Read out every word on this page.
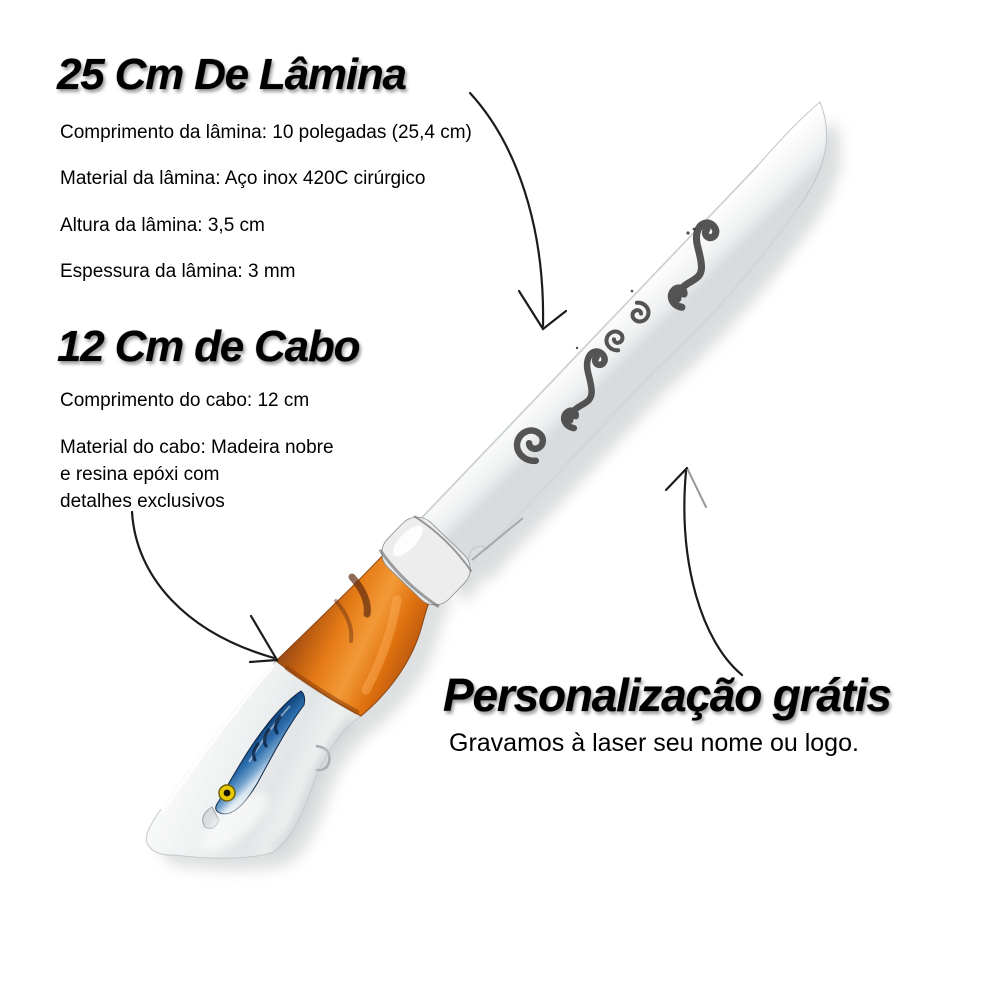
25 Cm De Lâmina
Comprimento da lâmina: 10 polegadas (25,4 cm)
Material da lâmina: Aço inox 420C cirúrgico
Altura da lâmina: 3,5 cm
Espessura da lâmina: 3 mm
12 Cm de Cabo
Comprimento do cabo: 12 cm
Material do cabo: Madeira nobre
e resina epóxi com
detalhes exclusivos
Personalização grátis
Gravamos à laser seu nome ou logo.
